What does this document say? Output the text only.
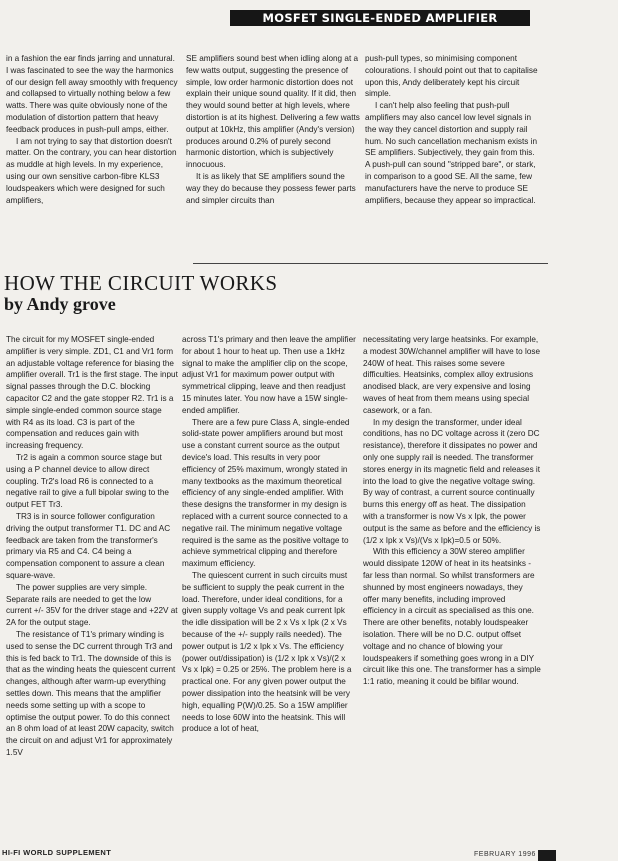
MOSFET SINGLE-ENDED AMPLIFIER

in a fashion the ear finds jarring and unnatural. I was fascinated to see the way the harmonics of our design fell away smoothly with frequency and collapsed to virtually nothing below a few watts. There was quite obviously none of the modulation of distortion pattern that heavy feedback produces in push-pull amps, either.

I am not trying to say that distortion doesn't matter. On the contrary, you can hear distortion as muddle at high levels. In my experience, using our own sensitive carbon-fibre KLS3 loudspeakers which were designed for such amplifiers,

SE amplifiers sound best when idling along at a few watts output, suggesting the presence of simple, low order harmonic distortion does not explain their unique sound quality. If it did, then they would sound better at high levels, where distortion is at its highest. Delivering a few watts output at 10kHz, this amplifier (Andy's version) produces around 0.2% of purely second harmonic distortion, which is subjectively innocuous.

It is as likely that SE amplifiers sound the way they do because they possess fewer parts and simpler circuits than

push-pull types, so minimising component colourations. I should point out that to capitalise upon this, Andy deliberately kept his circuit simple.

I can't help also feeling that push-pull amplifiers may also cancel low level signals in the way they cancel distortion and supply rail hum. No such cancellation mechanism exists in SE amplifiers. Subjectively, they gain from this. A push-pull can sound "stripped bare", or stark, in comparison to a good SE. All the same, few manufacturers have the nerve to produce SE amplifiers, because they appear so impractical.

HOW THE CIRCUIT WORKS
by Andy grove

The circuit for my MOSFET single-ended amplifier is very simple. ZD1, C1 and Vr1 form an adjustable voltage reference for biasing the amplifier overall. Tr1 is the first stage. The input signal passes through the D.C. blocking capacitor C2 and the gate stopper R2. Tr1 is a simple single-ended common source stage with R4 as its load. C3 is part of the compensation and reduces gain with increasing frequency.

Tr2 is again a common source stage but using a P channel device to allow direct coupling. Tr2's load R6 is connected to a negative rail to give a full bipolar swing to the output FET Tr3.

TR3 is in source follower configuration driving the output transformer T1. DC and AC feedback are taken from the transformer's primary via R5 and C4. C4 being a compensation component to assure a clean square-wave.

The power supplies are very simple. Separate rails are needed to get the low current +/- 35V for the driver stage and +22V at 2A for the output stage.

The resistance of T1's primary winding is used to sense the DC current through Tr3 and this is fed back to Tr1. The downside of this is that as the winding heats the quiescent current changes, although after warm-up everything settles down. This means that the amplifier needs some setting up with a scope to optimise the output power. To do this connect an 8 ohm load of at least 20W capacity, switch the circuit on and adjust Vr1 for approximately 1.5V

across T1's primary and then leave the amplifier for about 1 hour to heat up. Then use a 1kHz signal to make the amplifier clip on the scope, adjust Vr1 for maximum power output with symmetrical clipping, leave and then readjust 15 minutes later. You now have a 15W single-ended amplifier.

There are a few pure Class A, single-ended solid-state power amplifiers around but most use a constant current source as the output device's load. This results in very poor efficiency of 25% maximum, wrongly stated in many textbooks as the maximum theoretical efficiency of any single-ended amplifier. With these designs the transformer in my design is replaced with a current source connected to a negative rail. The minimum negative voltage required is the same as the positive voltage to achieve symmetrical clipping and therefore maximum efficiency.

The quiescent current in such circuits must be sufficient to supply the peak current in the load. Therefore, under ideal conditions, for a given supply voltage Vs and peak current Ipk the idle dissipation will be 2 x Vs x Ipk (2 x Vs because of the +/- supply rails needed). The power output is 1/2 x Ipk x Vs. The efficiency (power out/dissipation) is (1/2 x Ipk x Vs)/(2 x Vs x Ipk) = 0.25 or 25%. The problem here is a practical one. For any given power output the power dissipation into the heatsink will be very high, equalling P(W)/0.25. So a 15W amplifier needs to lose 60W into the heatsink. This will produce a lot of heat,

necessitating very large heatsinks. For example, a modest 30W/channel amplifier will have to lose 240W of heat. This raises some severe difficulties. Heatsinks, complex alloy extrusions anodised black, are very expensive and losing waves of heat from them means using special casework, or a fan.

In my design the transformer, under ideal conditions, has no DC voltage across it (zero DC resistance), therefore it dissipates no power and only one supply rail is needed. The transformer stores energy in its magnetic field and releases it into the load to give the negative voltage swing. By way of contrast, a current source continually burns this energy off as heat. The dissipation with a transformer is now Vs x Ipk, the power output is the same as before and the efficiency is (1/2 x Ipk x Vs)/(Vs x Ipk)=0.5 or 50%.

With this efficiency a 30W stereo amplifier would dissipate 120W of heat in its heatsinks - far less than normal. So whilst transformers are shunned by most engineers nowadays, they offer many benefits, including improved efficiency in a circuit as specialised as this one. There are other benefits, notably loudspeaker isolation. There will be no D.C. output offset voltage and no chance of blowing your loudspeakers if something goes wrong in a DIY circuit like this one. The transformer has a simple 1:1 ratio, meaning it could be bifilar wound.

HI-FI WORLD SUPPLEMENT	FEBRUARY 1996
